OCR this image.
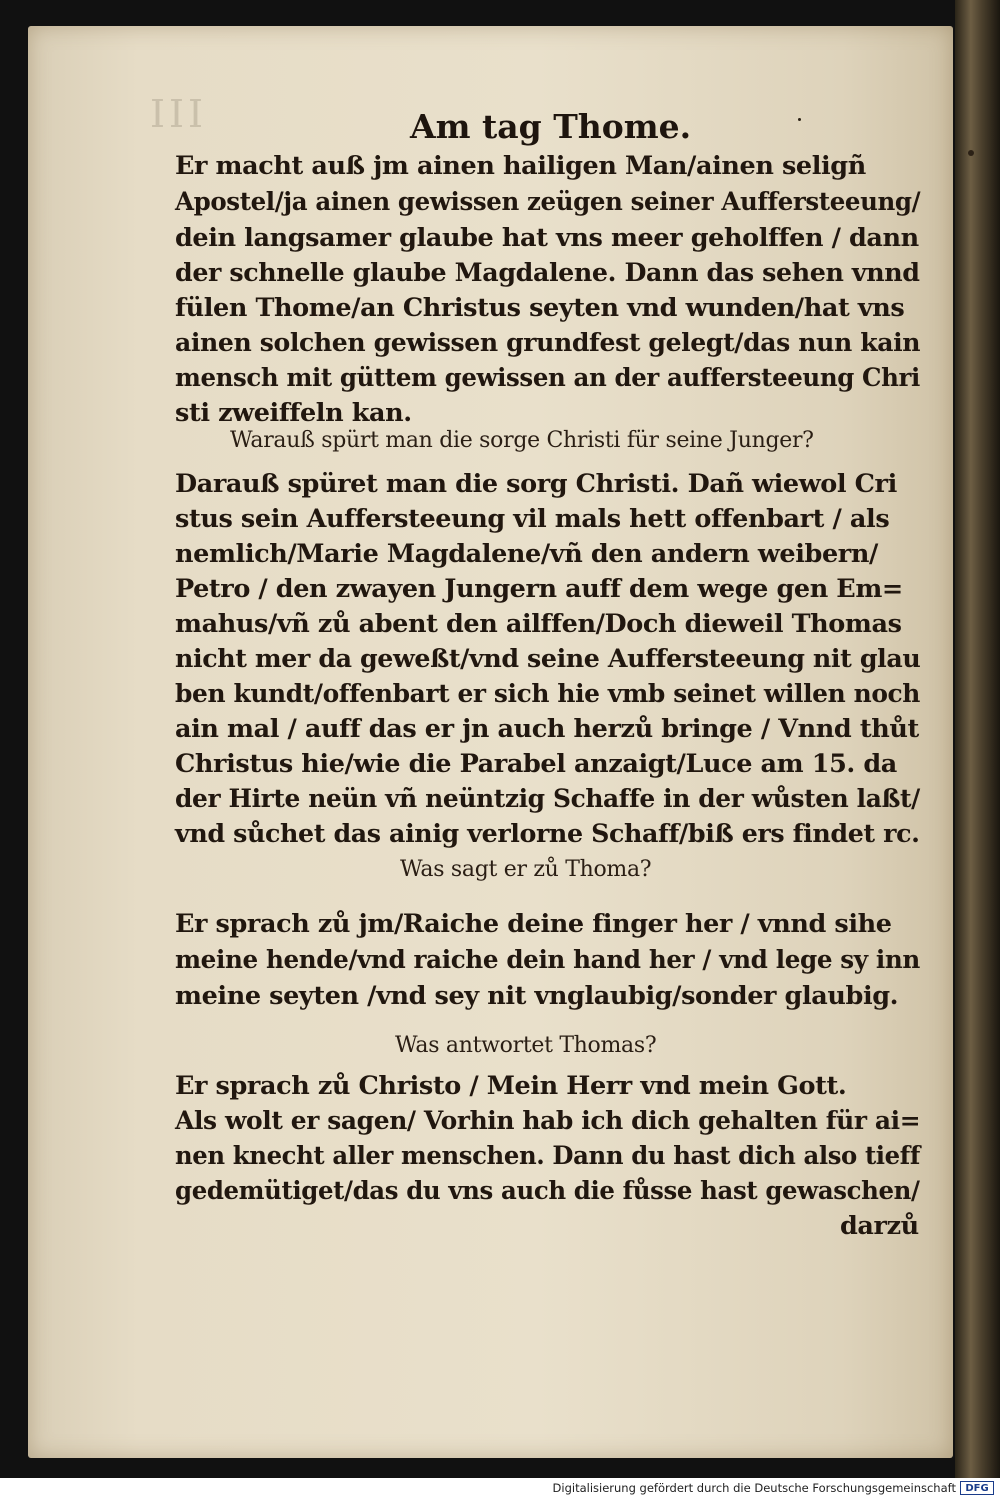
III	Am tag Thome.
Er macht auß jm ainen hailigen Man/ainen seligñ
Apostel/ja ainen gewissen zeügen seiner Auffersteeung/
dein langsamer glaube hat vns meer geholffen / dann
der schnelle glaube Magdalene. Dann das sehen vnnd
fülen Thome/an Christus seyten vnd wunden/hat vns
ainen solchen gewissen grundfest gelegt/das nun kain
mensch mit güttem gewissen an der auffersteeung Chri
sti zweiffeln kan.
Warauß spürt man die sorge Christi für seine Junger?
Darauß spüret man die sorg Christi. Dañ wiewol Cri
stus sein Auffersteeung vil mals hett offenbart / als
nemlich/Marie Magdalene/vñ den andern weibern/
Petro / den zwayen Jungern auff dem wege gen Em=
mahus/vñ zů abent den ailffen/Doch dieweil Thomas
nicht mer da geweßt/vnd seine Auffersteeung nit glau
ben kundt/offenbart er sich hie vmb seinet willen noch
ain mal / auff das er jn auch herzů bringe / Vnnd thůt
Christus hie/wie die Parabel anzaigt/Luce am 15. da
der Hirte neün vñ neüntzig Schaffe in der wůsten laßt/
vnd sůchet das ainig verlorne Schaff/biß ers findet rc.
Was sagt er zů Thoma?
Er sprach zů jm/Raiche deine finger her / vnnd sihe
meine hende/vnd raiche dein hand her / vnd lege sy inn
meine seyten /vnd sey nit vnglaubig/sonder glaubig.
Was antwortet Thomas?
Er sprach zů Christo / Mein Herr vnd mein Gott.
Als wolt er sagen/ Vorhin hab ich dich gehalten für ai=
nen knecht aller menschen. Dann du hast dich also tieff
gedemütiget/das du vns auch die fůsse hast gewaschen/
darzů
Digitalisierung gefördert durch die Deutsche Forschungsgemeinschaft DFG
